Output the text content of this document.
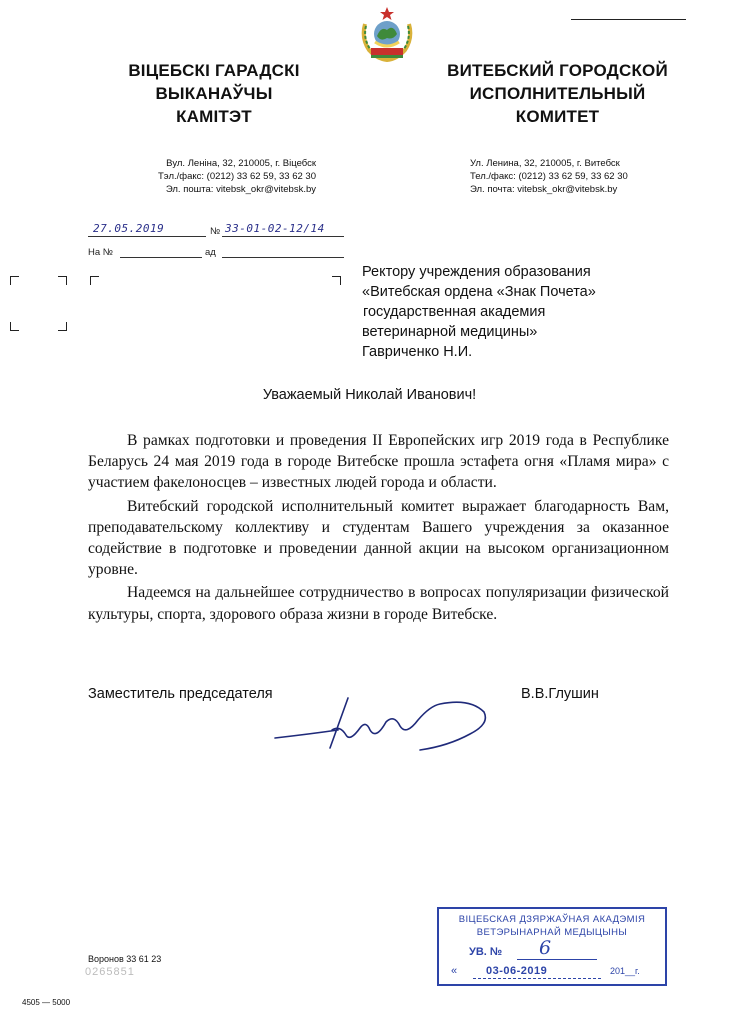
ВІЦЕБСКІ ГАРАДСКІ
ВЫКАНАЎЧЫ
КАМІТЭТ
ВИТЕБСКИЙ ГОРОДСКОЙ
ИСПОЛНИТЕЛЬНЫЙ
КОМИТЕТ
Вул. Леніна, 32, 210005, г. Віцебск
Тэл./факс: (0212) 33 62 59, 33 62 30
Эл. пошта: vitebsk_okr@vitebsk.by
Ул. Ленина, 32, 210005, г. Витебск
Тел./факс: (0212) 33 62 59, 33 62 30
Эл. почта: vitebsk_okr@vitebsk.by
27.05.2019	№ 33-01-02-12/14
На №	ад
Ректору учреждения образования
«Витебская ордена «Знак Почета»
государственная академия
ветеринарной медицины»
Гавриченко Н.И.
Уважаемый Николай Иванович!

В рамках подготовки и проведения II Европейских игр 2019 года в Республике Беларусь 24 мая 2019 года в городе Витебске прошла эстафета огня «Пламя мира» с участием факелоносцев – известных людей города и области.

Витебский городской исполнительный комитет выражает благодарность Вам, преподавательскому коллективу и студентам Вашего учреждения за оказанное содействие в подготовке и проведении данной акции на высоком организационном уровне.

Надеемся на дальнейшее сотрудничество в вопросах популяризации физической культуры, спорта, здорового образа жизни в городе Витебске.

Заместитель председателя	В.В.Глушин
Воронов 33 61 23
0265851
4505 — 5000
ВІЦЕБСКАЯ ДЗЯРЖАЎНАЯ АКАДЭМІЯ
ВЕТЭРЫНАРНАЙ МЕДЫЦЫНЫ
УВ. № 6
«	03-06-2019	201__г.
